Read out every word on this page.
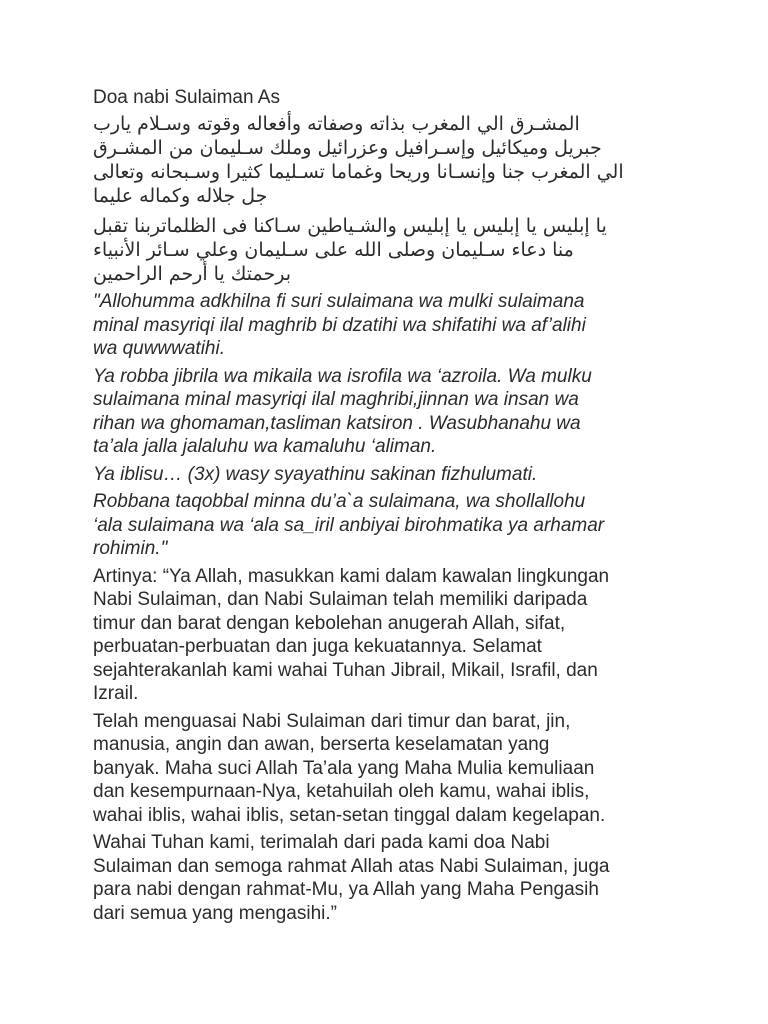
Doa nabi Sulaiman As
المشـرق الي المغرب بذاته وصفاته وأفعاله وقوته وسـلام يارب
جبريل وميكائيل وإسـرافيل وعزرائيل وملك سـليمان من المشـرق
الي المغرب جنا وإنسـانا وريحا وغماما تسـليما كثيرا وسـبحانه وتعالى
جل جلاله وكماله عليما
يا إبليس يا إبليس يا إبليس والشـياطين سـاكنا فى الظلماتربنا تقبل
منا دعاء سـليمان وصلى الله على سـليمان وعلي سـائر الأنبياء
برحمتك يا أرحم الراحمين
"Allohumma adkhilna fi suri sulaimana wa mulki sulaimana
minal masyriqi ilal maghrib bi dzatihi wa shifatihi wa af’alihi
wa quwwwatihi.
Ya robba jibrila wa mikaila wa isrofila wa ‘azroila. Wa mulku
sulaimana minal masyriqi ilal maghribi,jinnan wa insan wa
rihan wa ghomaman,tasliman katsiron . Wasubhanahu wa
ta’ala jalla jalaluhu wa kamaluhu ‘aliman.
Ya iblisu… (3x) wasy syayathinu sakinan fizhulumati.
Robbana taqobbal minna du’a`a sulaimana, wa shollallohu
‘ala sulaimana wa ‘ala sa_iril anbiyai birohmatika ya arhamar
rohimin."
Artinya: “Ya Allah, masukkan kami dalam kawalan lingkungan
Nabi Sulaiman, dan Nabi Sulaiman telah memiliki daripada
timur dan barat dengan kebolehan anugerah Allah, sifat,
perbuatan-perbuatan dan juga kekuatannya. Selamat
sejahterakanlah kami wahai Tuhan Jibrail, Mikail, Israfil, dan
Izrail.
Telah menguasai Nabi Sulaiman dari timur dan barat, jin,
manusia, angin dan awan, berserta keselamatan yang
banyak. Maha suci Allah Ta’ala yang Maha Mulia kemuliaan
dan kesempurnaan-Nya, ketahuilah oleh kamu, wahai iblis,
wahai iblis, wahai iblis, setan-setan tinggal dalam kegelapan.
Wahai Tuhan kami, terimalah dari pada kami doa Nabi
Sulaiman dan semoga rahmat Allah atas Nabi Sulaiman, juga
para nabi dengan rahmat-Mu, ya Allah yang Maha Pengasih
dari semua yang mengasihi.”
